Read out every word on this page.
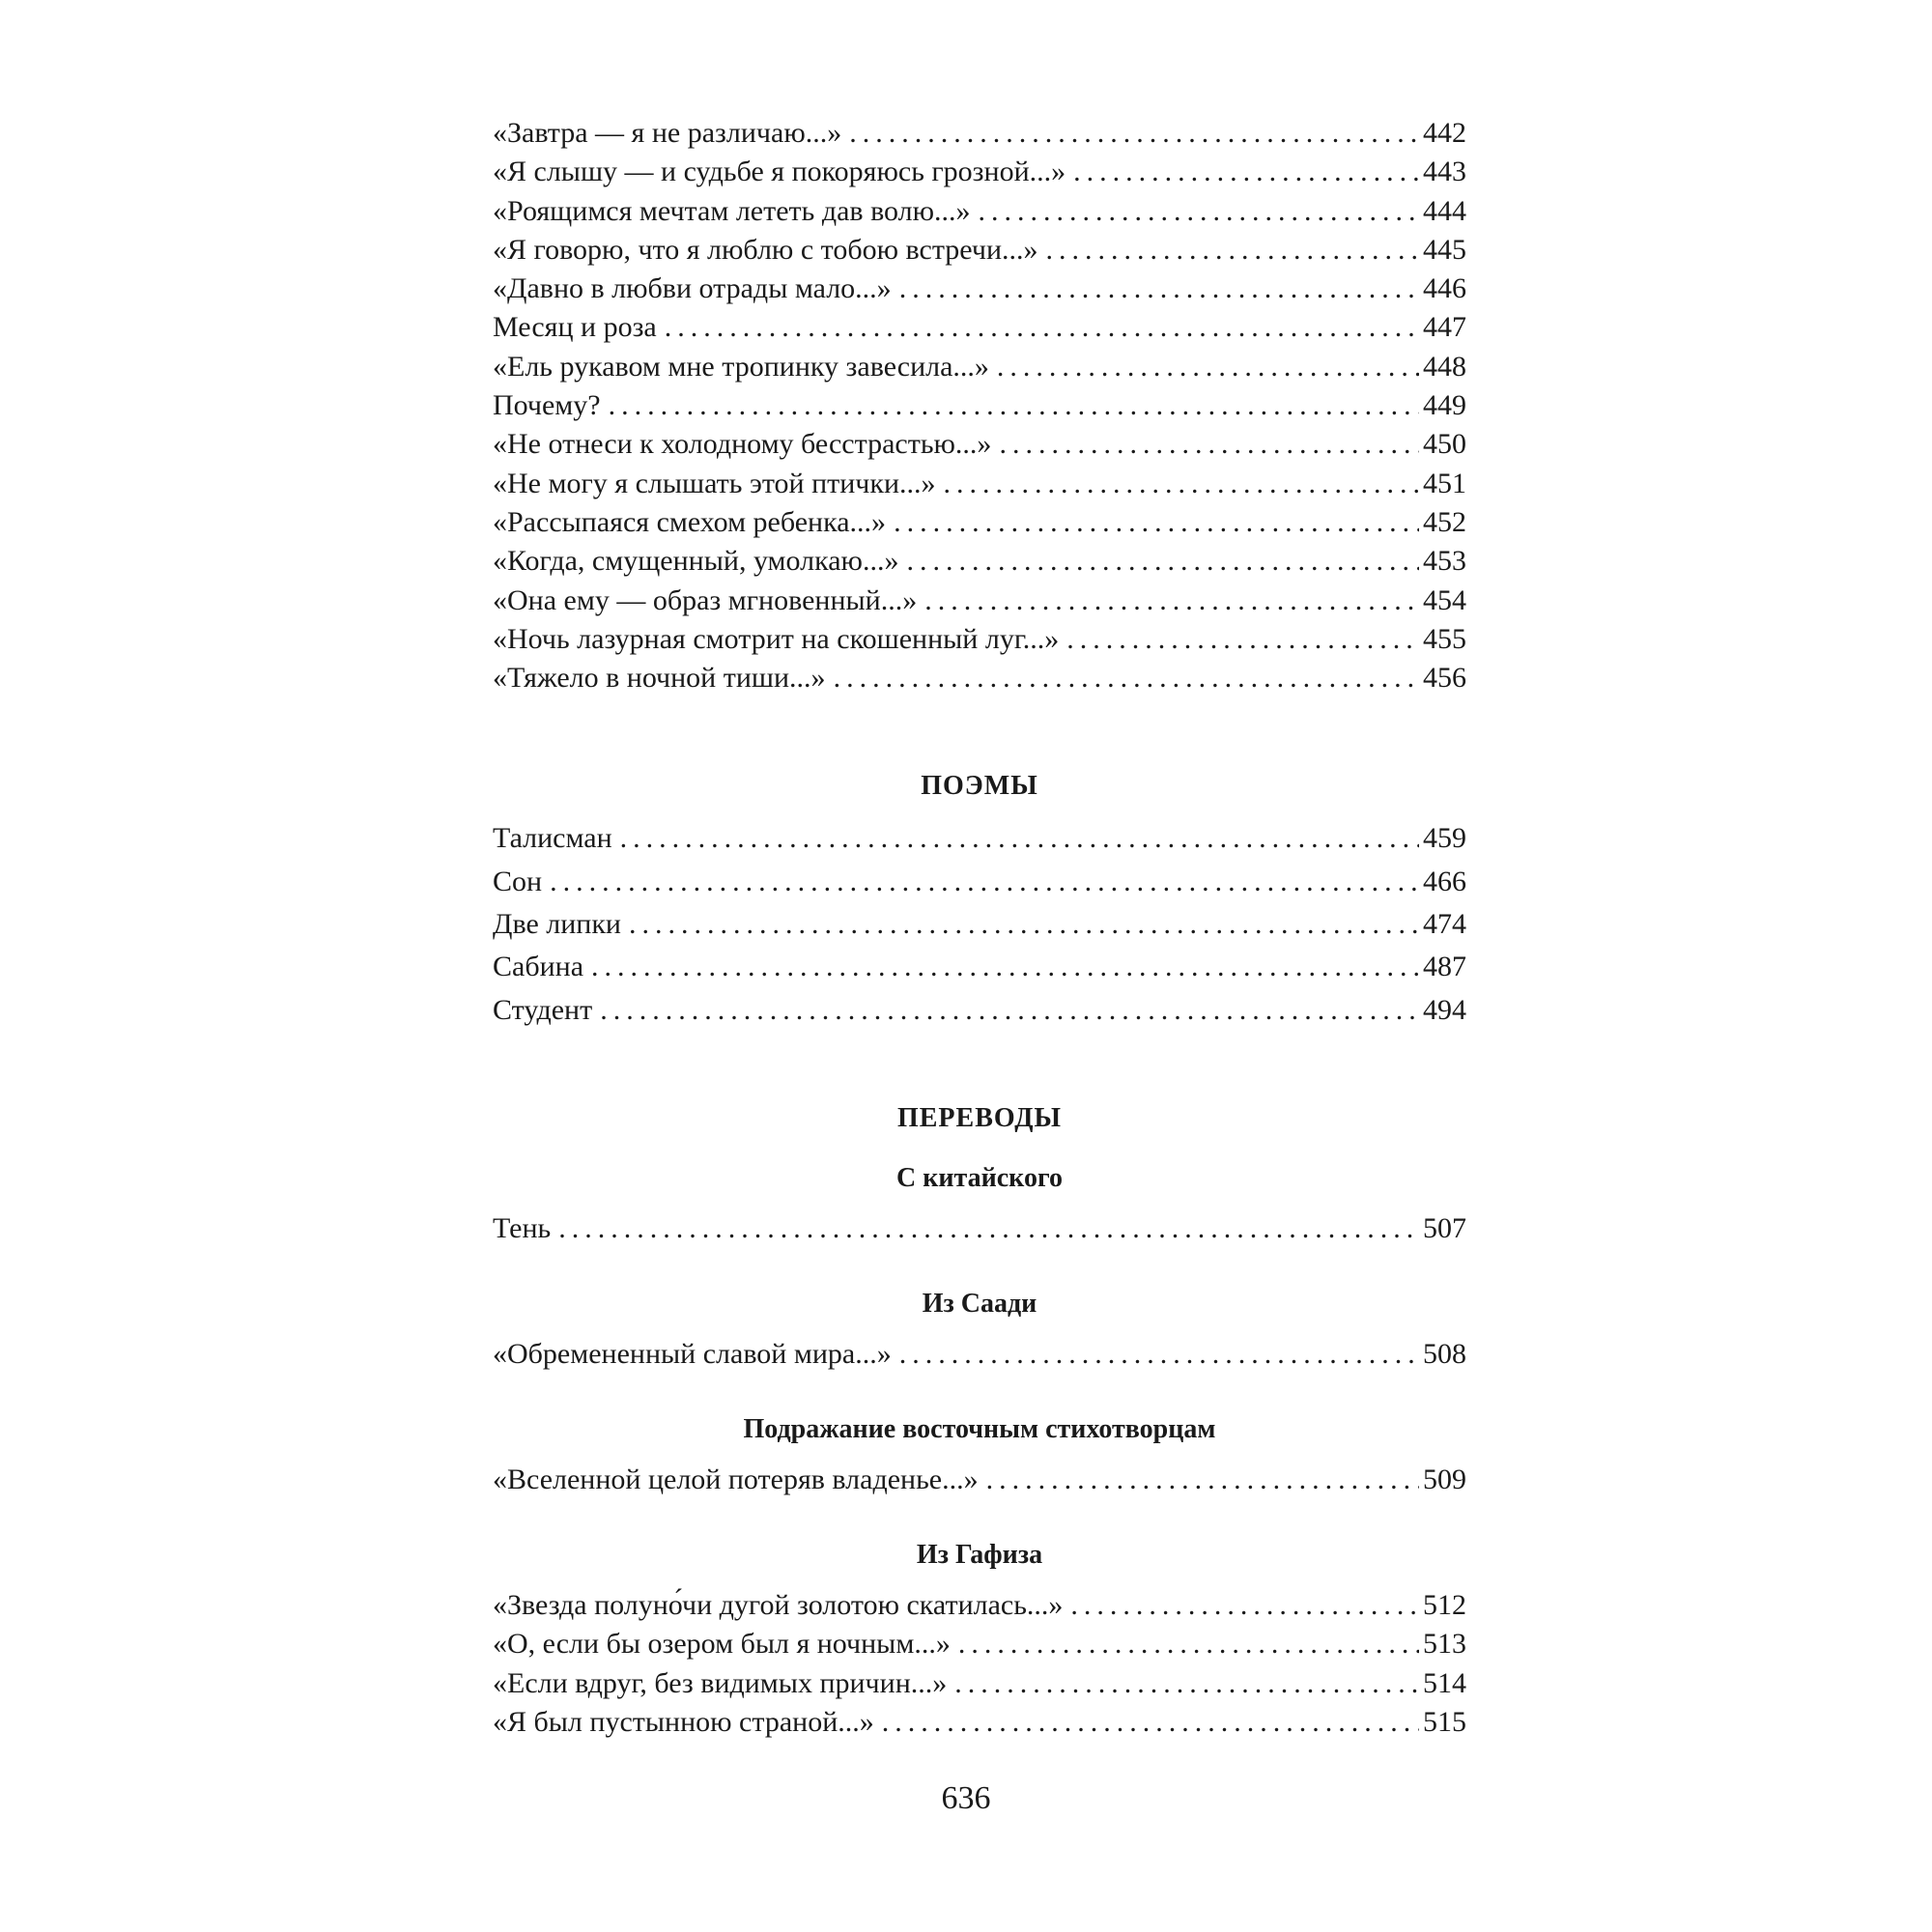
«Завтра — я не различаю...» . . .	442
«Я слышу — и судьбе я покоряюсь грозной...» . . .	443
«Роящимся мечтам лететь дав волю...» . . .	444
«Я говорю, что я люблю с тобою встречи...» . . .	445
«Давно в любви отрады мало...» . . .	446
Месяц и роза . . .	447
«Ель рукавом мне тропинку завесила...» . . .	448
Почему? . . .	449
«Не отнеси к холодному бесстрастью...» . . .	450
«Не могу я слышать этой птички...» . . .	451
«Рассыпаяся смехом ребенка...» . . .	452
«Когда, смущенный, умолкаю...» . . .	453
«Она ему — образ мгновенный...» . . .	454
«Ночь лазурная смотрит на скошенный луг...» . . .	455
«Тяжело в ночной тиши...» . . .	456
ПОЭМЫ
Талисман . . .	459
Сон . . .	466
Две липки . . .	474
Сабина . . .	487
Студент . . .	494
ПЕРЕВОДЫ
С китайского
Тень . . .	507
Из Саади
«Обремененный славой мира...» . . .	508
Подражание восточным стихотворцам
«Вселенной целой потеряв владенье...» . . .	509
Из Гафиза
«Звезда полуно́чи дугой золотою скатилась...» . . .	512
«О, если бы озером был я ночным...» . . .	513
«Если вдруг, без видимых причин...» . . .	514
«Я был пустынною страной...» . . .	515
636
